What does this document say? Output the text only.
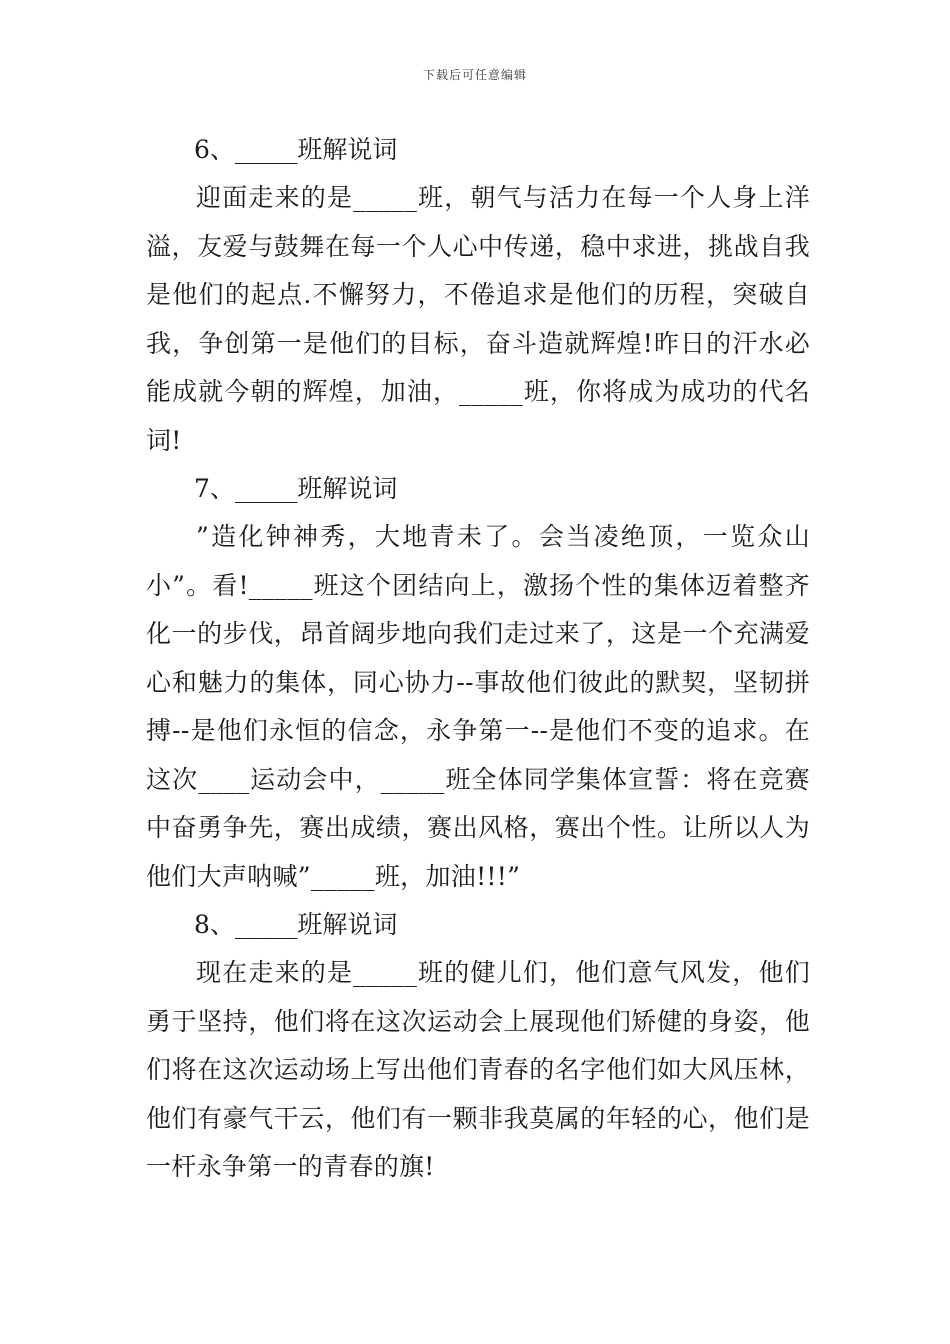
下载后可任意编辑

6、_____班解说词

迎面走来的是_____班，朝气与活力在每一个人身上洋溢，友爱与鼓舞在每一个人心中传递，稳中求进，挑战自我是他们的起点.不懈努力，不倦追求是他们的历程，突破自我，争创第一是他们的目标，奋斗造就辉煌!昨日的汗水必能成就今朝的辉煌，加油，_____班，你将成为成功的代名词!

7、_____班解说词

”造化钟神秀，大地青未了。会当凌绝顶，一览众山小”。看!_____班这个团结向上，激扬个性的集体迈着整齐化一的步伐，昂首阔步地向我们走过来了，这是一个充满爱心和魅力的集体，同心协力--事故他们彼此的默契，坚韧拼搏--是他们永恒的信念，永争第一--是他们不变的追求。在这次____运动会中，_____班全体同学集体宣誓：将在竞赛中奋勇争先，赛出成绩，赛出风格，赛出个性。让所以人为他们大声呐喊”_____班，加油!!!”

8、_____班解说词

现在走来的是_____班的健儿们，他们意气风发，他们勇于坚持，他们将在这次运动会上展现他们矫健的身姿，他们将在这次运动场上写出他们青春的名字他们如大风压林，他们有豪气干云，他们有一颗非我莫属的年轻的心，他们是一杆永争第一的青春的旗!
